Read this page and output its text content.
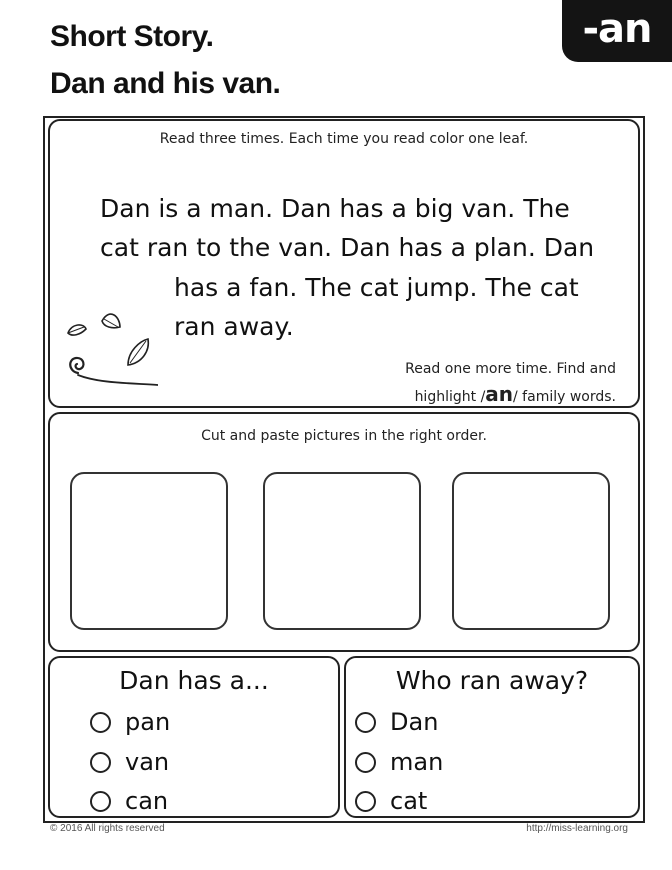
Short Story.
Dan and his van.
-an
Read three times. Each time you read color one leaf.
Dan is a man. Dan has a big van. The
cat ran to the van. Dan has a plan. Dan
has a fan. The cat jump. The cat
ran away.
Read one more time. Find and
highlight /an/ family words.
Cut and paste pictures in the right order.
Dan has a...
pan
van
can
Who ran away?
Dan
man
cat
© 2016 All rights reserved	http://miss-learning.org
